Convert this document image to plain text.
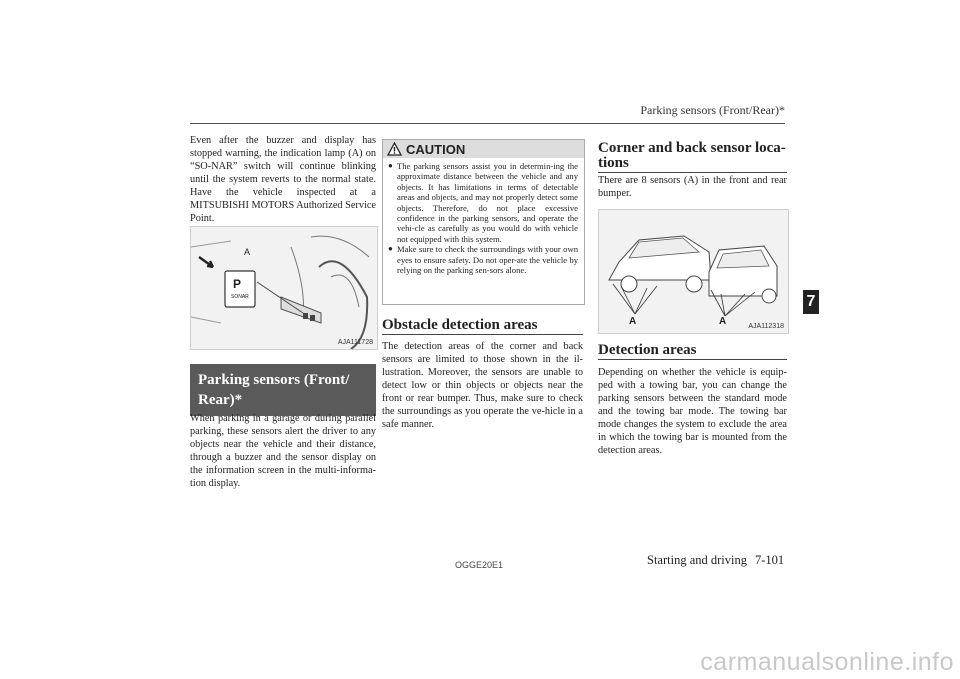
Parking sensors (Front/Rear)*
7

Even after the buzzer and display has stopped warning, the indication lamp (A) on “SO-NAR” switch will continue blinking until the system reverts to the normal state. Have the vehicle inspected at a MITSUBISHI MOTORS Authorized Service Point.

A
P
SONAR
AJA111728
Parking sensors (Front/ Rear)*

When parking in a garage or during parallel parking, these sensors alert the driver to any objects near the vehicle and their distance, through a buzzer and the sensor display on the information screen in the multi-informa-tion display.

CAUTION
● The parking sensors assist you in determin-ing the approximate distance between the vehicle and any objects. It has limitations in terms of detectable areas and objects, and may not properly detect some objects. Therefore, do not place excessive confidence in the parking sensors, and operate the vehi-cle as carefully as you would do with vehicle not equipped with this system.
● Make sure to check the surroundings with your own eyes to ensure safety. Do not oper-ate the vehicle by relying on the parking sen-sors alone.
Obstacle detection areas

The detection areas of the corner and back sensors are limited to those shown in the il-lustration. Moreover, the sensors are unable to detect low or thin objects or objects near the front or rear bumper. Thus, make sure to check the surroundings as you operate the ve-hicle in a safe manner.

Corner and back sensor loca-tions

There are 8 sensors (A) in the front and rear bumper.

A	A	AJA112318
Detection areas

Depending on whether the vehicle is equip-ped with a towing bar, you can change the parking sensors between the standard mode and the towing bar mode. The towing bar mode changes the system to exclude the area in which the towing bar is mounted from the detection areas.

OGGE20E1	Starting and driving 7-101
carmanualsonline.info
